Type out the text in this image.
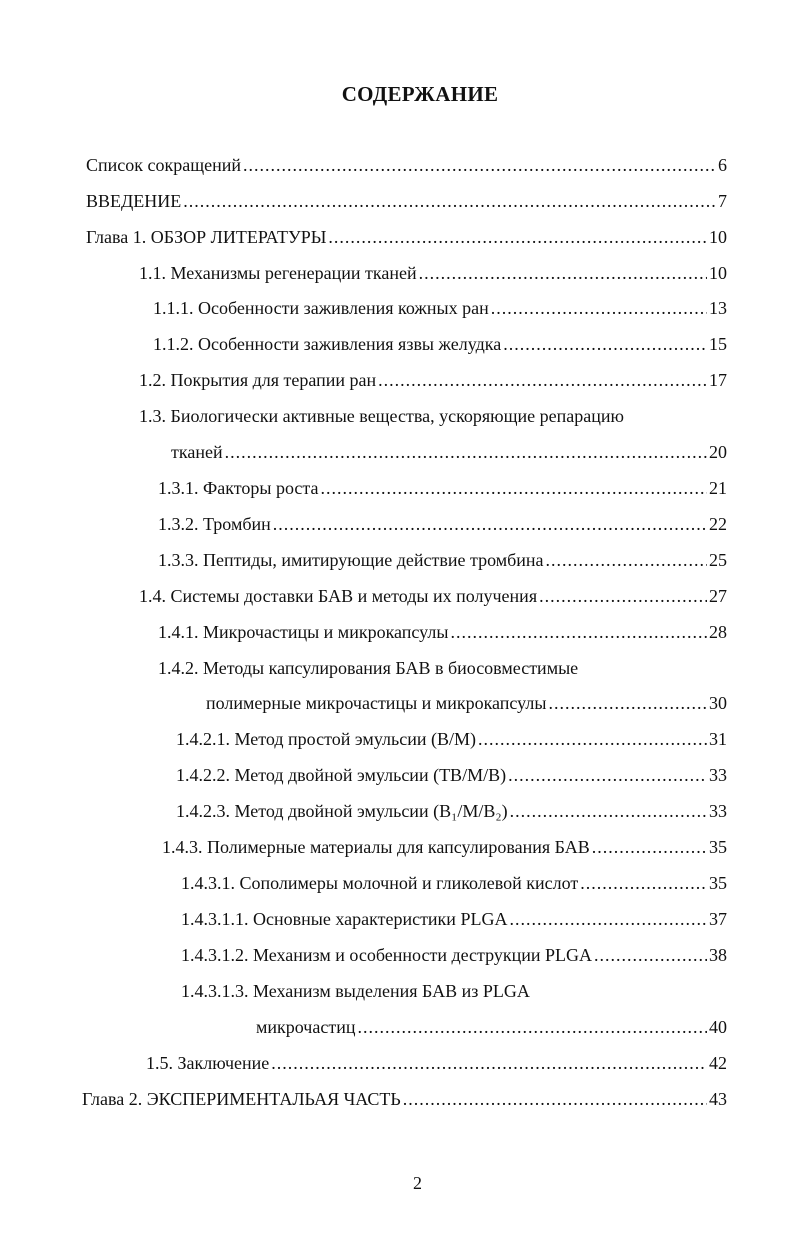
СОДЕРЖАНИЕ
Список сокращений .....	6
ВВЕДЕНИЕ .....	7
Глава 1. ОБЗОР ЛИТЕРАТУРЫ .....	10
1.1. Механизмы регенерации тканей .....	10
1.1.1. Особенности заживления кожных ран .....	13
1.1.2. Особенности заживления язвы желудка .....	15
1.2. Покрытия для терапии ран .....	17
1.3. Биологически активные вещества, ускоряющие репарацию
тканей .....	20
1.3.1. Факторы роста .....	21
1.3.2. Тромбин .....	22
1.3.3. Пептиды, имитирующие действие тромбина .....	25
1.4. Системы доставки БАВ и методы их получения .....	27
1.4.1. Микрочастицы и микрокапсулы .....	28
1.4.2. Методы капсулирования БАВ в биосовместимые
полимерные микрочастицы и микрокапсулы .....	30
1.4.2.1. Метод простой эмульсии (В/М) .....	31
1.4.2.2. Метод двойной эмульсии (ТВ/М/В) .....	33
1.4.2.3. Метод двойной эмульсии (B₁/M/B₂) .....	33
1.4.3. Полимерные материалы для капсулирования БАВ .....	35
1.4.3.1. Сополимеры молочной и гликолевой кислот .....	35
1.4.3.1.1. Основные характеристики PLGA .....	37
1.4.3.1.2. Механизм и особенности деструкции PLGA .....	38
1.4.3.1.3. Механизм выделения БАВ из PLGA
микрочастиц .....	40
1.5. Заключение .....	42
Глава 2. ЭКСПЕРИМЕНТАЛЬАЯ ЧАСТЬ .....	43
2
